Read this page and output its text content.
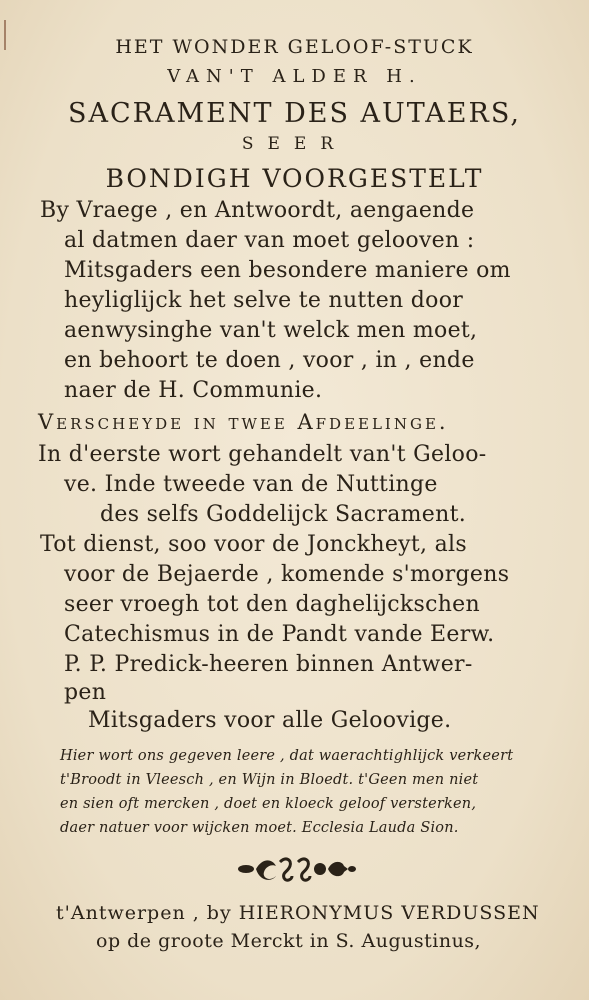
HET WONDER GELOOF-STUCK
VAN'T ALDER H.
SACRAMENT DES AUTAERS,
SEER
BONDIGH VOORGESTELT
By Vraege , en Antwoordt, aengaende
al datmen daer van moet gelooven :
Mitsgaders een besondere maniere om
heyliglijck het selve te nutten door
aenwysinghe van't welck men moet,
en behoort te doen , voor , in , ende
naer de H. Communie.
Verscheyde in twee Afdeelinge.
In d'eerste wort gehandelt van't Geloo-
ve. Inde tweede van de Nuttinge
des selfs Goddelijck Sacrament.
Tot dienst, soo voor de Jonckheyt, als
voor de Bejaerde , komende s'morgens
seer vroegh tot den daghelijckschen
Catechismus in de Pandt vande Eerw.
P. P. Predick-heeren binnen Antwer-
pen
Mitsgaders voor alle Geloovige.
Hier wort ons gegeven leere , dat waerachtighlijck verkeert
t'Broodt in Vleesch , en Wijn in Bloedt. t'Geen men niet
en sien oft mercken , doet en kloeck geloof versterken,
daer natuer voor wijcken moet. Ecclesia Lauda Sion.
t'Antwerpen , by HIERONYMUS VERDUSSEN
op de groote Merckt in S. Augustinus,
